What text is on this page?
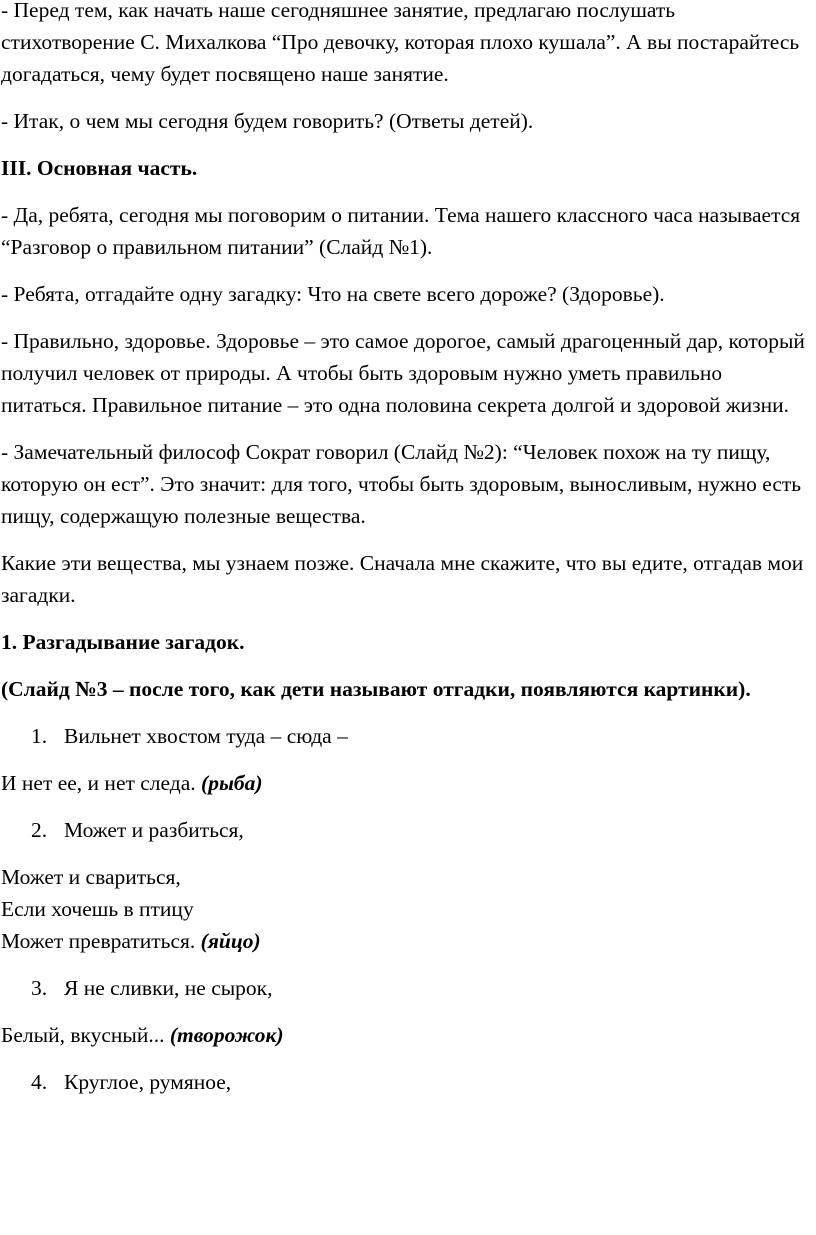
- Перед тем, как начать наше сегодняшнее занятие, предлагаю послушать стихотворение С. Михалкова “Про девочку, которая плохо кушала”. А вы постарайтесь догадаться, чему будет посвящено наше занятие.

- Итак, о чем мы сегодня будем говорить? (Ответы детей).

III. Основная часть.

- Да, ребята, сегодня мы поговорим о питании. Тема нашего классного часа называется “Разговор о правильном питании” (Слайд №1).

- Ребята, отгадайте одну загадку: Что на свете всего дороже? (Здоровье).

- Правильно, здоровье. Здоровье – это самое дорогое, самый драгоценный дар, который получил человек от природы. А чтобы быть здоровым нужно уметь правильно питаться. Правильное питание – это одна половина секрета долгой и здоровой жизни.

- Замечательный философ Сократ говорил (Слайд №2): “Человек похож на ту пищу, которую он ест”. Это значит: для того, чтобы быть здоровым, выносливым, нужно есть пищу, содержащую полезные вещества.

Какие эти вещества, мы узнаем позже. Сначала мне скажите, что вы едите, отгадав мои загадки.

1. Разгадывание загадок.

(Слайд №3 – после того, как дети называют отгадки, появляются картинки).

1. Вильнет хвостом туда – сюда –

И нет ее, и нет следа. (рыба)

2. Может и разбиться,

Может и свариться,
Если хочешь в птицу
Может превратиться. (яйцо)

3. Я не сливки, не сырок,

Белый, вкусный... (творожок)

4. Круглое, румяное,
